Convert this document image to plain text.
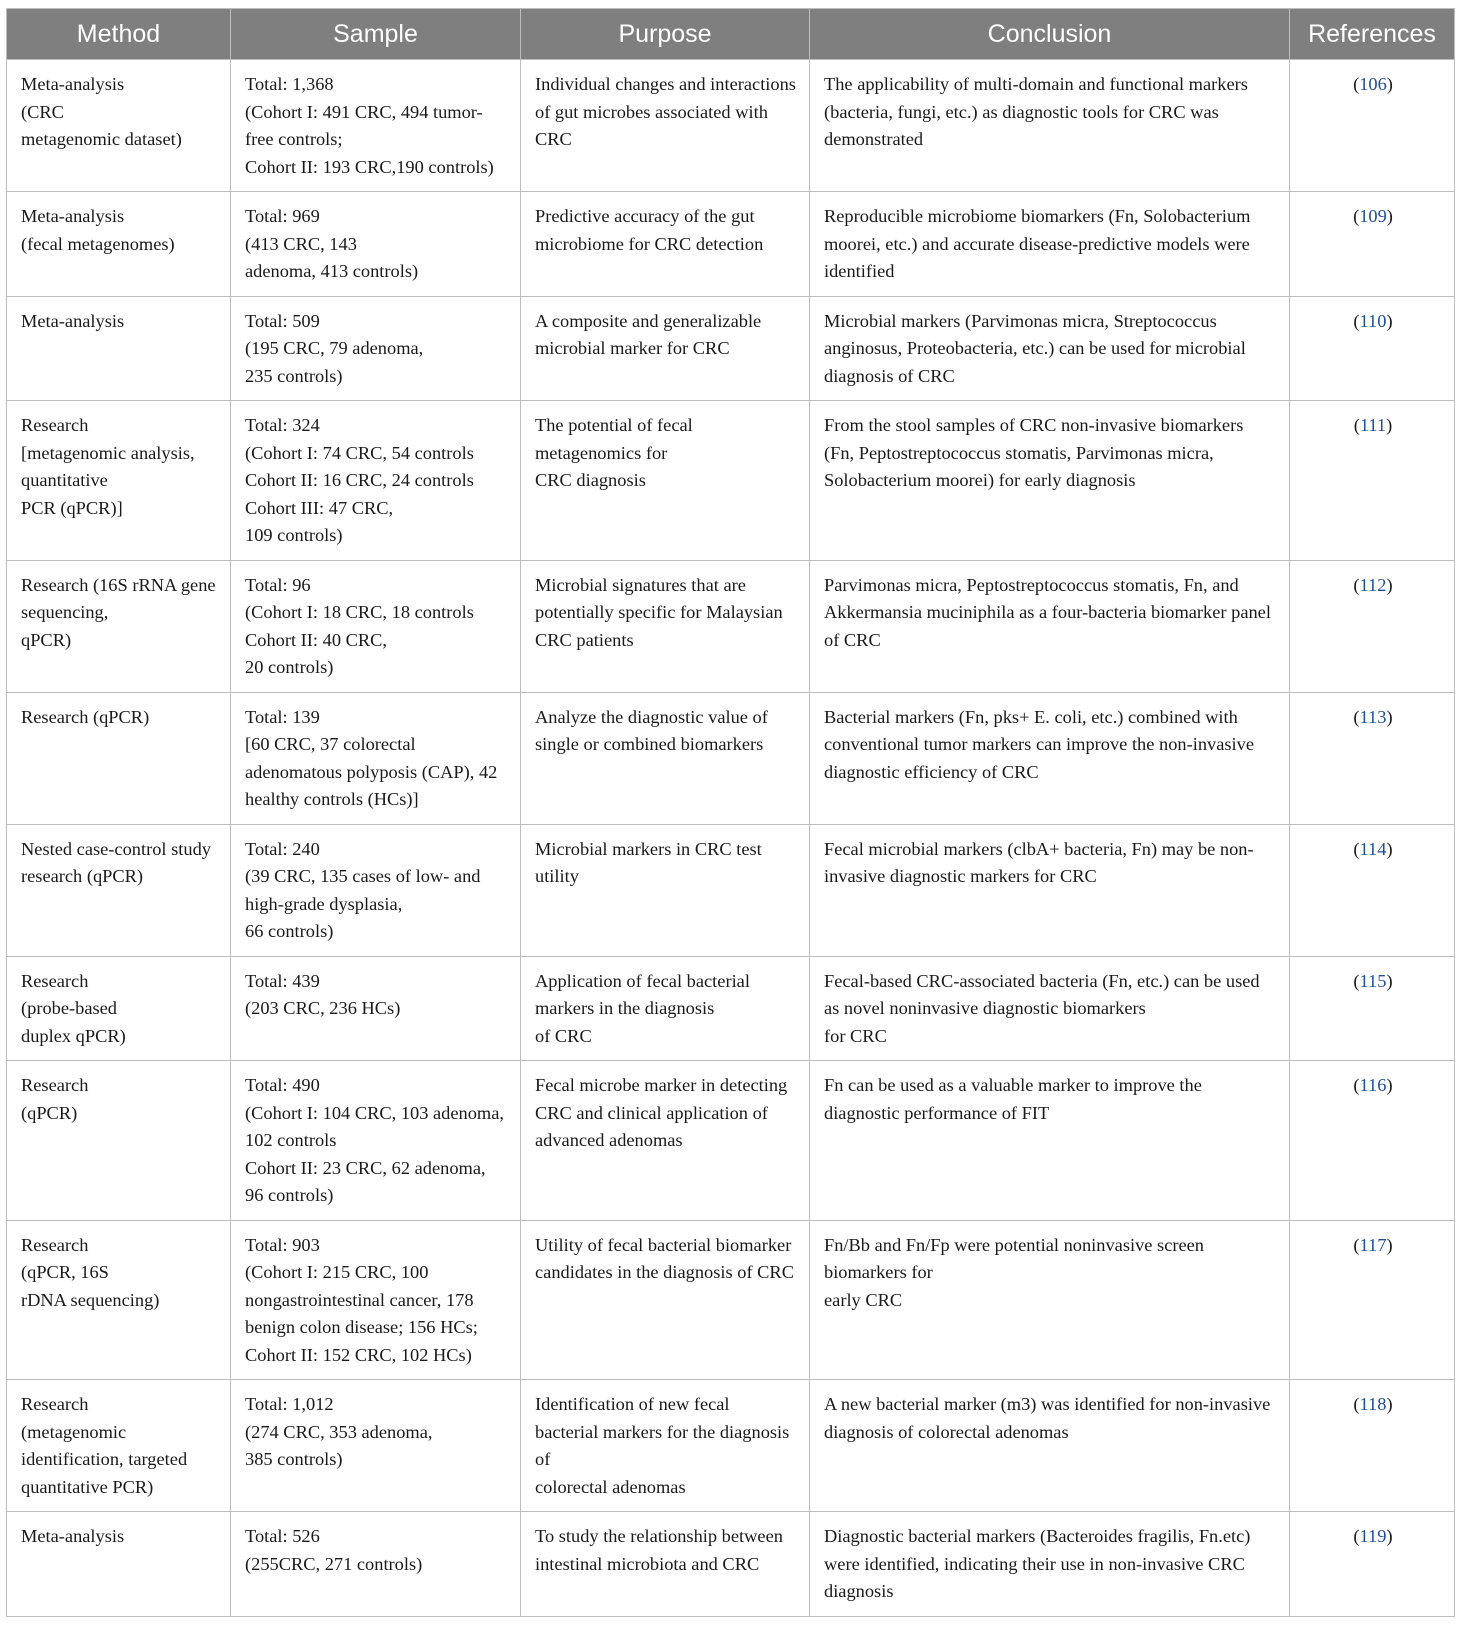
Method	Sample	Purpose	Conclusion	References
Meta-analysis
(CRC
metagenomic dataset)	Total: 1,368
(Cohort I: 491 CRC, 494 tumor-free controls;
Cohort II: 193 CRC,190 controls)	Individual changes and interactions of gut microbes associated with CRC	The applicability of multi-domain and functional markers (bacteria, fungi, etc.) as diagnostic tools for CRC was demonstrated	(106)
Meta-analysis
(fecal metagenomes)	Total: 969
(413 CRC, 143
adenoma, 413 controls)	Predictive accuracy of the gut microbiome for CRC detection	Reproducible microbiome biomarkers (Fn, Solobacterium moorei, etc.) and accurate disease-predictive models were identified	(109)
Meta-analysis	Total: 509
(195 CRC, 79 adenoma,
235 controls)	A composite and generalizable microbial marker for CRC	Microbial markers (Parvimonas micra, Streptococcus anginosus, Proteobacteria, etc.) can be used for microbial diagnosis of CRC	(110)
Research
[metagenomic analysis, quantitative
PCR (qPCR)]	Total: 324
(Cohort I: 74 CRC, 54 controls
Cohort II: 16 CRC, 24 controls
Cohort III: 47 CRC,
109 controls)	The potential of fecal metagenomics for
CRC diagnosis	From the stool samples of CRC non-invasive biomarkers (Fn, Peptostreptococcus stomatis, Parvimonas micra, Solobacterium moorei) for early diagnosis	(111)
Research (16S rRNA gene sequencing,
qPCR)	Total: 96
(Cohort I: 18 CRC, 18 controls
Cohort II: 40 CRC,
20 controls)	Microbial signatures that are potentially specific for Malaysian CRC patients	Parvimonas micra, Peptostreptococcus stomatis, Fn, and Akkermansia muciniphila as a four-bacteria biomarker panel of CRC	(112)
Research (qPCR)	Total: 139
[60 CRC, 37 colorectal adenomatous polyposis (CAP), 42 healthy controls (HCs)]	Analyze the diagnostic value of single or combined biomarkers	Bacterial markers (Fn, pks+ E. coli, etc.) combined with conventional tumor markers can improve the non-invasive diagnostic efficiency of CRC	(113)
Nested case-control study
research (qPCR)	Total: 240
(39 CRC, 135 cases of low- and high-grade dysplasia,
66 controls)	Microbial markers in CRC test utility	Fecal microbial markers (clbA+ bacteria, Fn) may be non-invasive diagnostic markers for CRC	(114)
Research
(probe-based
duplex qPCR)	Total: 439
(203 CRC, 236 HCs)	Application of fecal bacterial markers in the diagnosis
of CRC	Fecal-based CRC-associated bacteria (Fn, etc.) can be used as novel noninvasive diagnostic biomarkers
for CRC	(115)
Research
(qPCR)	Total: 490
(Cohort I: 104 CRC, 103 adenoma, 102 controls
Cohort II: 23 CRC, 62 adenoma, 96 controls)	Fecal microbe marker in detecting CRC and clinical application of
advanced adenomas	Fn can be used as a valuable marker to improve the diagnostic performance of FIT	(116)
Research
(qPCR, 16S
rDNA sequencing)	Total: 903
(Cohort I: 215 CRC, 100 nongastrointestinal cancer, 178 benign colon disease; 156 HCs;
Cohort II: 152 CRC, 102 HCs)	Utility of fecal bacterial biomarker candidates in the diagnosis of CRC	Fn/Bb and Fn/Fp were potential noninvasive screen biomarkers for
early CRC	(117)
Research
(metagenomic identification, targeted quantitative PCR)	Total: 1,012
(274 CRC, 353 adenoma,
385 controls)	Identification of new fecal bacterial markers for the diagnosis of
colorectal adenomas	A new bacterial marker (m3) was identified for non-invasive diagnosis of colorectal adenomas	(118)
Meta-analysis	Total: 526
(255CRC, 271 controls)	To study the relationship between intestinal microbiota and CRC	Diagnostic bacterial markers (Bacteroides fragilis, Fn.etc) were identified, indicating their use in non-invasive CRC diagnosis	(119)
